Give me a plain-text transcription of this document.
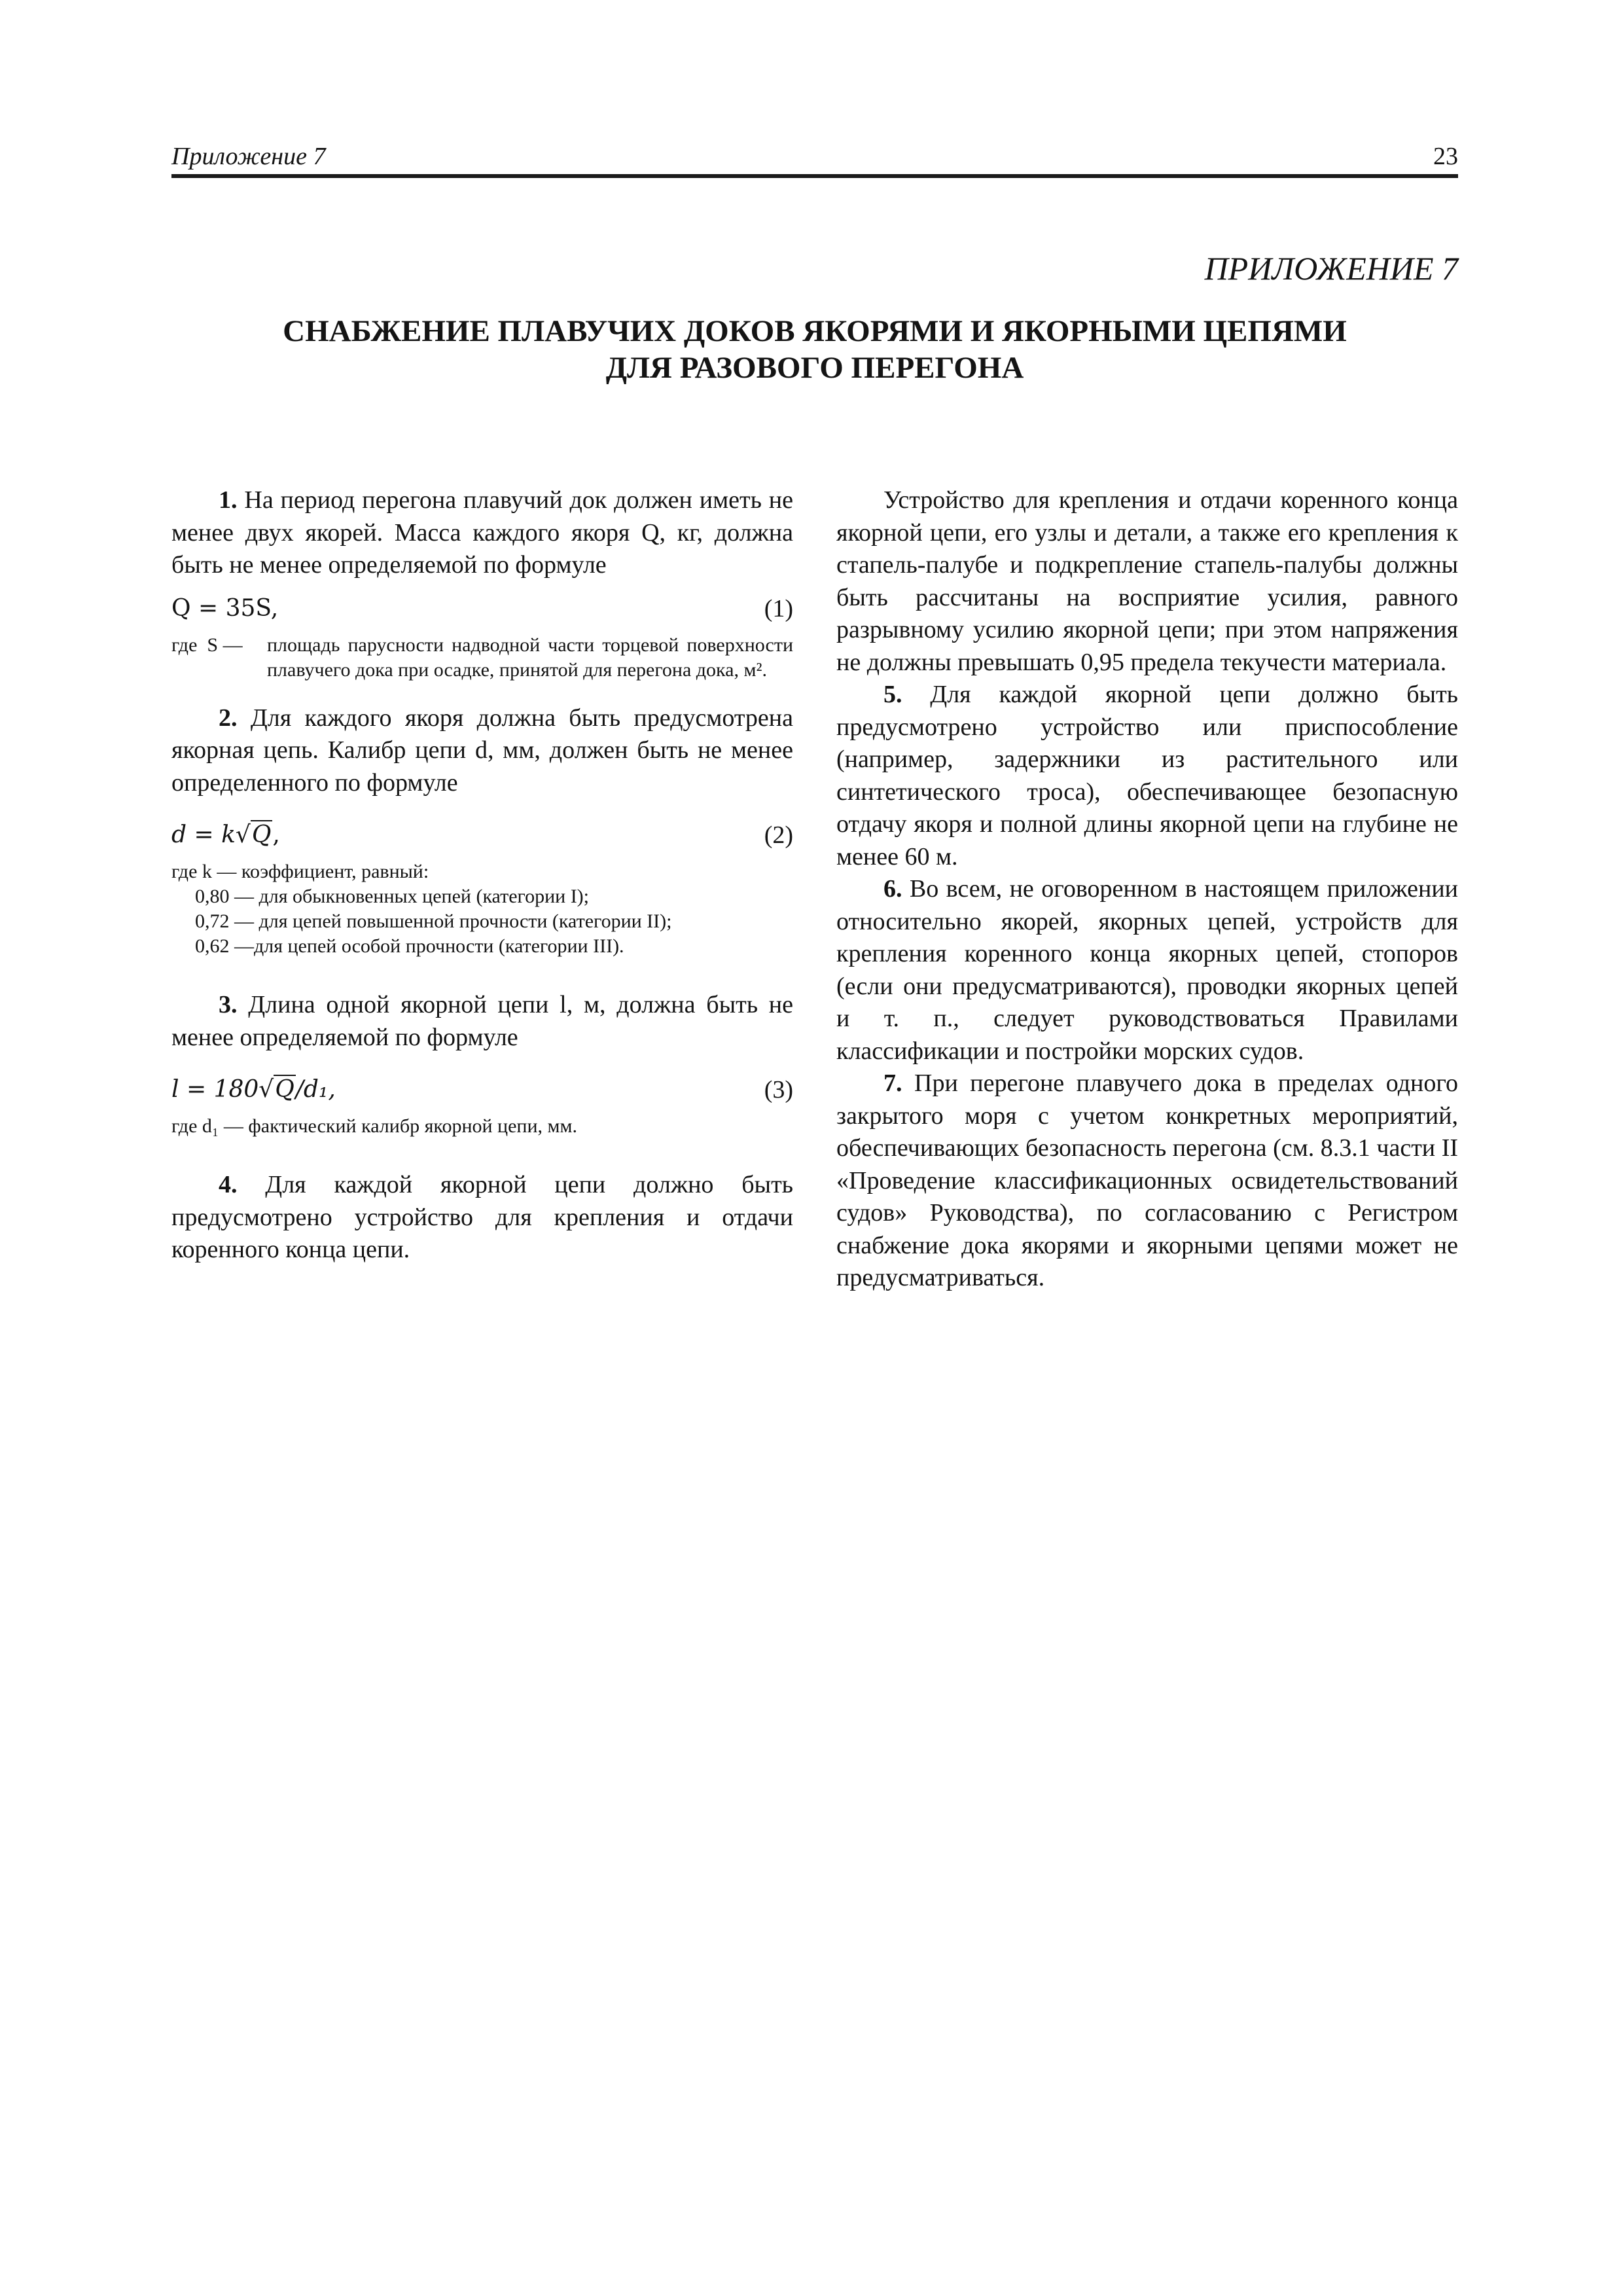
Приложение 7	23
ПРИЛОЖЕНИЕ 7
СНАБЖЕНИЕ ПЛАВУЧИХ ДОКОВ ЯКОРЯМИ И ЯКОРНЫМИ ЦЕПЯМИ
ДЛЯ РАЗОВОГО ПЕРЕГОНА

1. На период перегона плавучий док должен иметь не менее двух якорей. Масса каждого якоря Q, кг, должна быть не менее определяемой по формуле

Q = 35S,	(1)
где  S — площадь парусности надводной части торцевой поверхности плавучего дока при осадке, принятой для перегона дока, м².

2. Для каждого якоря должна быть предусмотрена якорная цепь. Калибр цепи d, мм, должен быть не менее определенного по формуле

d = k√Q,	(2)
где k — коэффициент, равный:
0,80 — для обыкновенных цепей (категории I);
0,72 — для цепей повышенной прочности (категории II);
0,62 —для цепей особой прочности (категории III).

3. Длина одной якорной цепи l, м, должна быть не менее определяемой по формуле

l = 180√Q/d₁,	(3)
где d₁ — фактический калибр якорной цепи, мм.

4. Для каждой якорной цепи должно быть предусмотрено устройство для крепления и отдачи коренного конца цепи.

Устройство для крепления и отдачи коренного конца якорной цепи, его узлы и детали, а также его крепления к стапель-палубе и подкрепление стапель-палубы должны быть рассчитаны на восприятие усилия, равного разрывному усилию якорной цепи; при этом напряжения не должны превышать 0,95 предела текучести материала.

5. Для каждой якорной цепи должно быть предусмотрено устройство или приспособление (например, задержники из растительного или синтетического троса), обеспечивающее безопасную отдачу якоря и полной длины якорной цепи на глубине не менее 60 м.

6. Во всем, не оговоренном в настоящем приложении относительно якорей, якорных цепей, устройств для крепления коренного конца якорных цепей, стопоров (если они предусматриваются), проводки якорных цепей и т. п., следует руководствоваться Правилами классификации и постройки морских судов.

7. При перегоне плавучего дока в пределах одного закрытого моря с учетом конкретных мероприятий, обеспечивающих безопасность перегона (см. 8.3.1 части II «Проведение классификационных освидетельствований судов» Руководства), по согласованию с Регистром снабжение дока якорями и якорными цепями может не предусматриваться.
